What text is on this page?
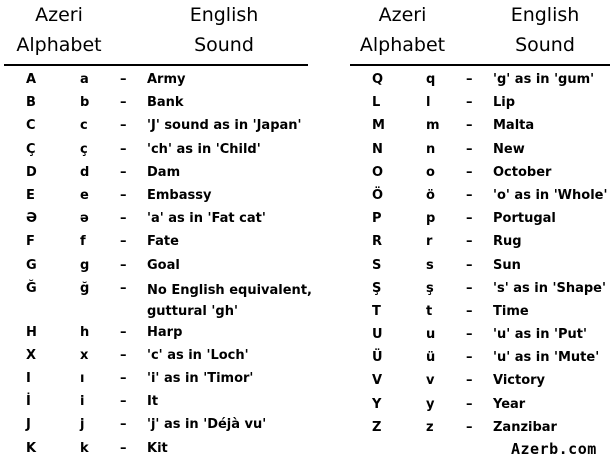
Azeri
Alphabet
English
Sound
A	a – Army
B	b – Bank
C	c – 'J' sound as in 'Japan'
Ç	ç – 'ch' as in 'Child'
D	d – Dam
E	e – Embassy
Ə	ə – 'a' as in 'Fat cat'
F	f	– Fate
G	g – Goal
Ğ	ğ – No English equivalent, guttural 'gh'
H	h – Harp
X	x – 'c' as in 'Loch'
I	ı	– 'i' as in 'Timor'
İ	i	– It
J	j	– 'j' as in 'Déjà vu'
K	k – Kit
Azeri
Alphabet
English
Sound
Q	q – 'g' as in 'gum'
L	l	– Lip
M	m – Malta
N	n – New
O	o – October
Ö	ö – 'o' as in 'Whole'
P	p – Portugal
R	r	– Rug
S	s – Sun
Ş	ş – 's' as in 'Shape'
T	t	– Time
U	u – 'u' as in 'Put'
Ü	ü – 'u' as in 'Mute'
V	v – Victory
Y	y – Year
Z	z – Zanzibar
Azerb.com
